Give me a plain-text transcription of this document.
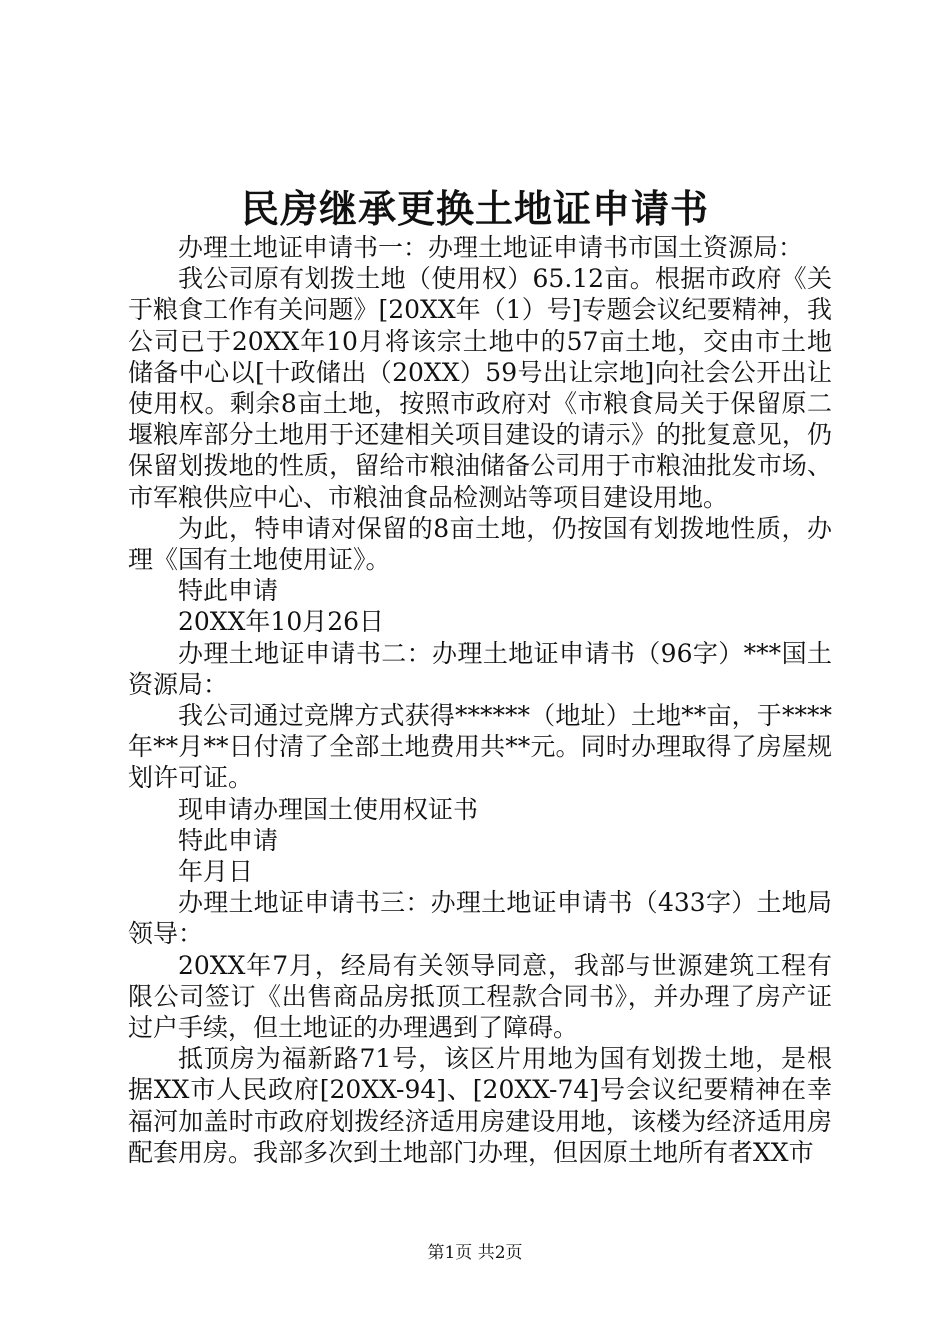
民房继承更换土地证申请书

办理土地证申请书一：办理土地证申请书市国土资源局：

我公司原有划拨土地（使用权）65.12亩。根据市政府《关于粮食工作有关问题》[20XX年（1）号]专题会议纪要精神，我公司已于20XX年10月将该宗土地中的57亩土地，交由市土地储备中心以[十政储出（20XX）59号出让宗地]向社会公开出让使用权。剩余8亩土地，按照市政府对《市粮食局关于保留原二堰粮库部分土地用于还建相关项目建设的请示》的批复意见，仍保留划拨地的性质，留给市粮油储备公司用于市粮油批发市场、市军粮供应中心、市粮油食品检测站等项目建设用地。

为此，特申请对保留的8亩土地，仍按国有划拨地性质，办理《国有土地使用证》。

特此申请

20XX年10月26日

办理土地证申请书二：办理土地证申请书（96字）***国土资源局：

我公司通过竞牌方式获得******（地址）土地**亩，于****年**月**日付清了全部土地费用共**元。同时办理取得了房屋规划许可证。

现申请办理国土使用权证书

特此申请

年月日

办理土地证申请书三：办理土地证申请书（433字）土地局领导：

20XX年7月，经局有关领导同意，我部与世源建筑工程有限公司签订《出售商品房抵顶工程款合同书》，并办理了房产证过户手续，但土地证的办理遇到了障碍。

抵顶房为福新路71号，该区片用地为国有划拨土地，是根据XX市人民政府[20XX-94]、[20XX-74]号会议纪要精神在幸福河加盖时市政府划拨经济适用房建设用地，该楼为经济适用房配套用房。我部多次到土地部门办理，但因原土地所有者XX市

第1页 共2页
